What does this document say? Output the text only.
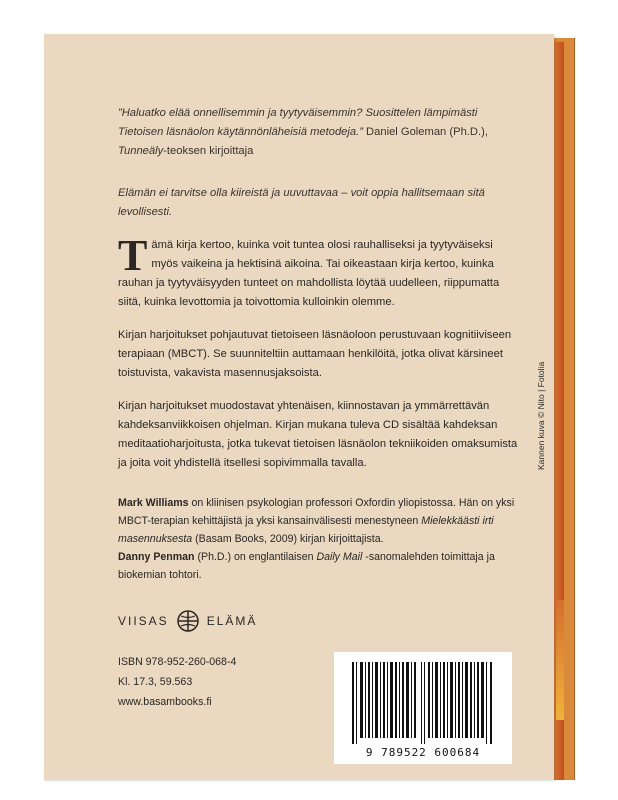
”Haluatko elää onnellisemmin ja tyytyväisemmin? Suosittelen lämpimästi
Tietoisen läsnäolon käytännönläheisiä metodeja.” Daniel Goleman (Ph.D.),
Tunneäly-teoksen kirjoittaja
Elämän ei tarvitse olla kiireistä ja uuvuttavaa – voit oppia hallitsemaan sitä levollisesti.

Tämä kirja kertoo, kuinka voit tuntea olosi rauhalliseksi ja tyytyväiseksi myös vaikeina ja hektisinä aikoina. Tai oikeastaan kirja kertoo, kuinka rauhan ja tyytyväisyyden tunteet on mahdollista löytää uudelleen, riippumatta siitä, kuinka levottomia ja toivottomia kulloinkin olemme.

Kirjan harjoitukset pohjautuvat tietoiseen läsnäoloon perustuvaan kognitiiviseen terapiaan (MBCT). Se suunniteltiin auttamaan henkilöitä, jotka olivat kärsineet toistuvista, vakavista masennusjaksoista.

Kirjan harjoitukset muodostavat yhtenäisen, kiinnostavan ja ymmärrettävän kahdeksanviikkoisen ohjelman. Kirjan mukana tuleva CD sisältää kahdeksan meditaatioharjoitusta, jotka tukevat tietoisen läsnäolon tekniikoiden omaksumista ja joita voit yhdistellä itsellesi sopivimmalla tavalla.

Mark Williams on kliinisen psykologian professori Oxfordin yliopistossa. Hän on yksi MBCT-terapian kehittäjistä ja yksi kansainvälisesti menestyneen Mielekkäästi irti masennuksesta (Basam Books, 2009) kirjan kirjoittajista.

Danny Penman (Ph.D.) on englantilaisen Daily Mail -sanomalehden toimittaja ja biokemian tohtori.

VIISAS	ELÄMÄ

ISBN 978-952-260-068-4

Kl. 17.3, 59.563

www.basambooks.fi

9 789522 600684
Kannen kuva © Nito | Fotolia
